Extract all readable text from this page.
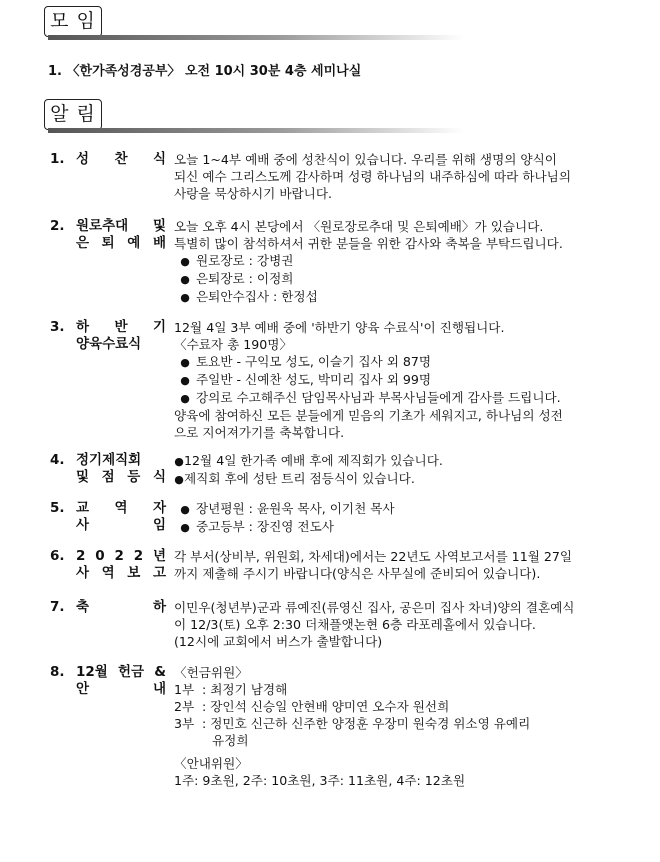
모 임
1. 〈한가족성경공부〉 오전 10시 30분 4층 세미나실
알 림
1. 성 찬 식 오늘 1~4부 예배 중에 성찬식이 있습니다. 우리를 위해 생명의 양식이
되신 예수 그리스도께 감사하며 성령 하나님의 내주하심에 따라 하나님의
사랑을 묵상하시기 바랍니다.
2. 원로추대 및
은 퇴 예 배
오늘 오후 4시 본당에서 〈원로장로추대 및 은퇴예배〉가 있습니다.
특별히 많이 참석하셔서 귀한 분들을 위한 감사와 축복을 부탁드립니다.
● 원로장로 : 강병권
● 은퇴장로 : 이정희
● 은퇴안수집사 : 한정섭
3. 하 반 기
양육수료식
12월 4일 3부 예배 중에 '하반기 양육 수료식'이 진행됩니다.
〈수료자 총 190명〉
● 토요반 - 구익모 성도, 이슬기 집사 외 87명
● 주일반 - 신예찬 성도, 박미리 집사 외 99명
● 강의로 수고해주신 담임목사님과 부목사님들에게 감사를 드립니다.
양육에 참여하신 모든 분들에게 믿음의 기초가 세워지고, 하나님의 성전
으로 지어져가기를 축복합니다.
4. 정기제직회
및 점 등 식
●12월 4일 한가족 예배 후에 제직회가 있습니다.
●제직회 후에 성탄 트리 점등식이 있습니다.
5. 교 역 자
사 임
● 장년평원 : 윤원욱 목사, 이기천 목사
● 중고등부 : 장진영 전도사
6. 2 0 2 2 년
사 역 보 고
각 부서(상비부, 위원회, 차세대)에서는 22년도 사역보고서를 11월 27일
까지 제출해 주시기 바랍니다(양식은 사무실에 준비되어 있습니다).
7. 축 하 이민우(청년부)군과 류예진(류영신 집사, 공은미 집사 차녀)양의 결혼예식
이 12/3(토) 오후 2:30 더채플앳논현 6층 라포레홀에서 있습니다.
(12시에 교회에서 버스가 출발합니다)
8. 12월 헌금 &
안 내
〈헌금위원〉
1부 : 최정기 남경해
2부 : 장인석 신승일 안현배 양미연 오수자 원선희
3부 : 정민호 신근하 신주한 양정훈 우장미 원숙경 위소영 유예리
유정희
〈안내위원〉
1주: 9초원, 2주: 10초원, 3주: 11초원, 4주: 12초원
